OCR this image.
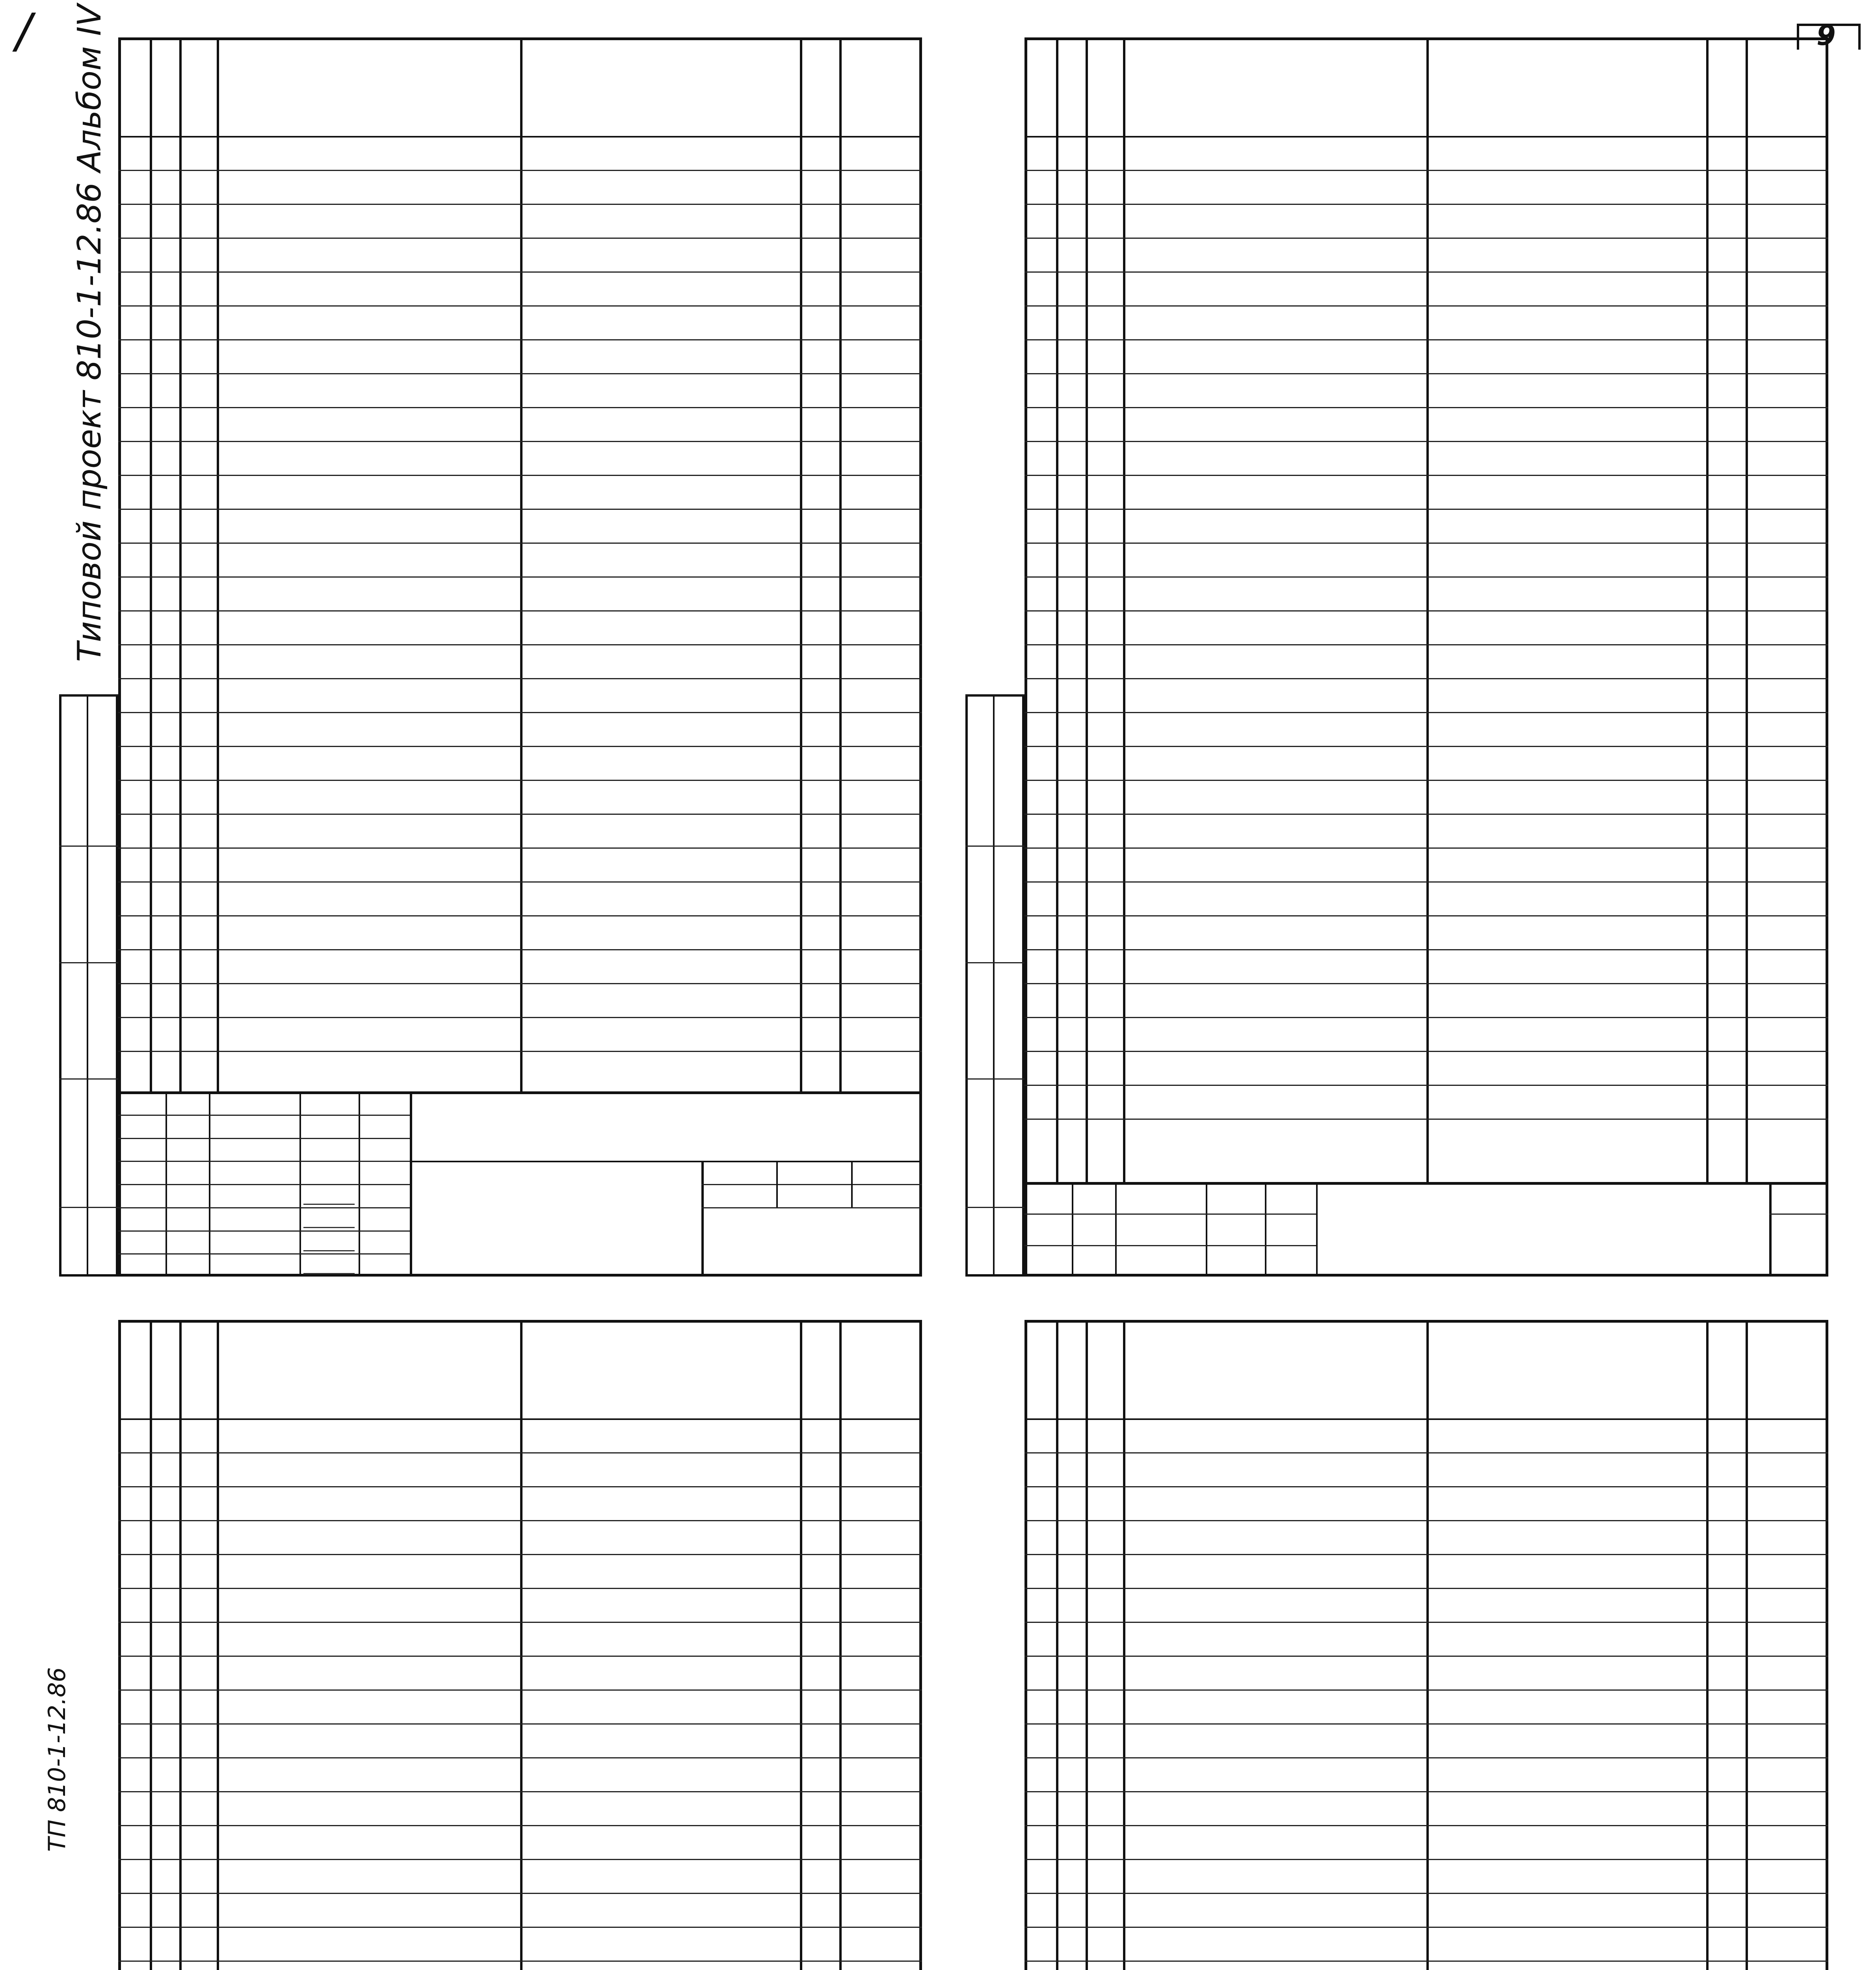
/	9
Типовой проект 810-1-12.86 Альбом IV
ТП 810-1-12.86
